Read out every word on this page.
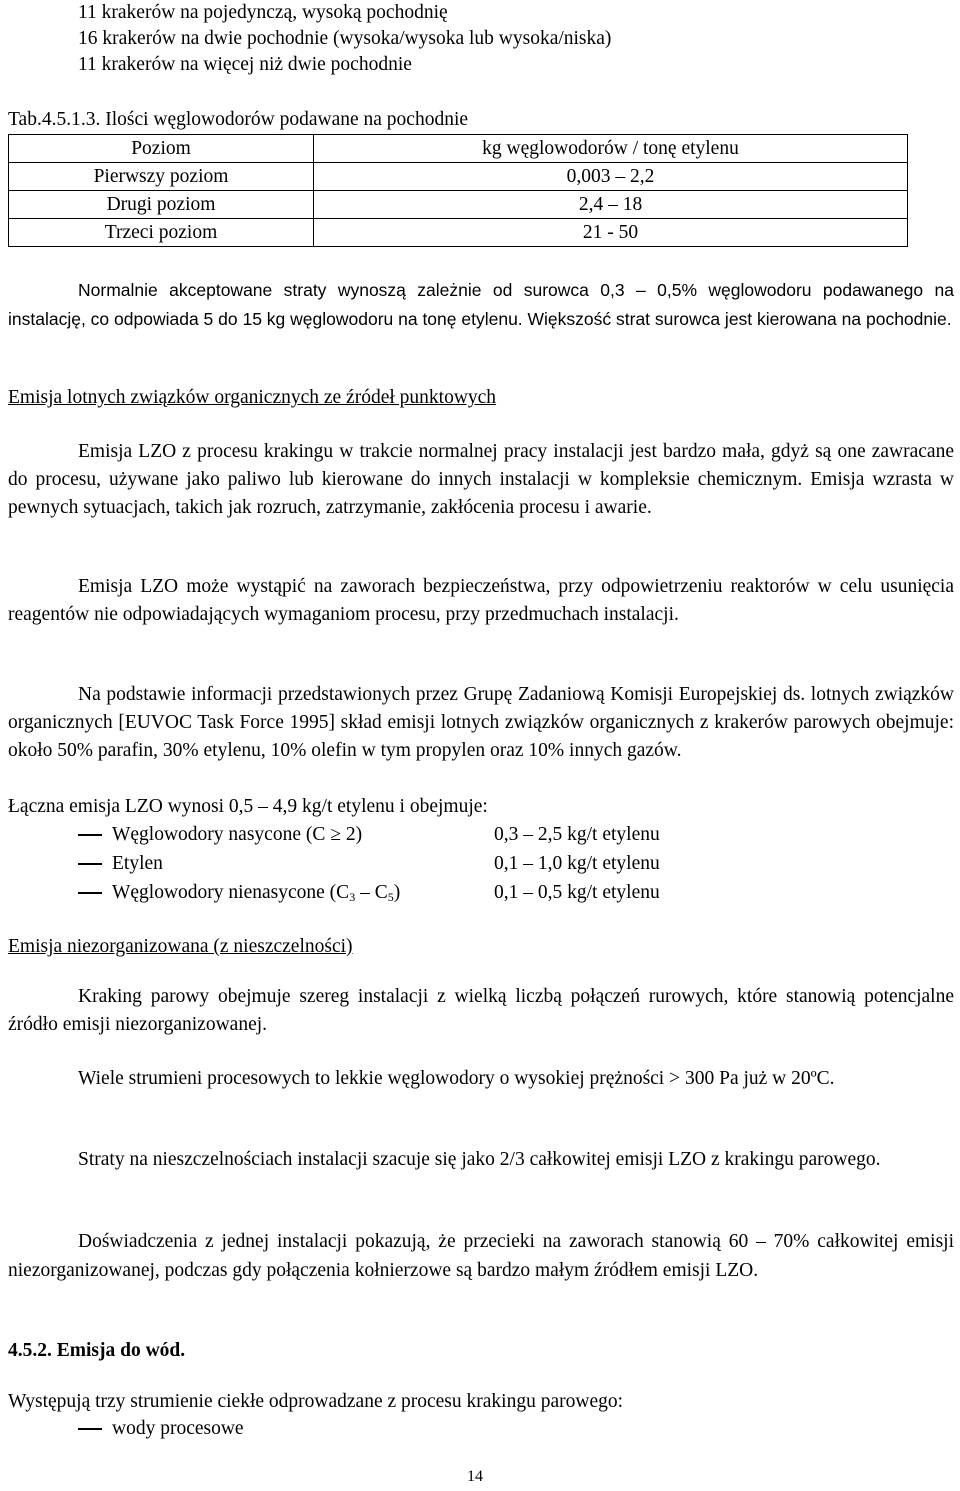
11 krakerów na pojedynczą, wysoką pochodnię
16 krakerów na dwie pochodnie (wysoka/wysoka lub wysoka/niska)
11 krakerów na więcej niż dwie pochodnie
Tab.4.5.1.3. Ilości węglowodorów podawane na pochodnie
Poziom	kg węglowodorów / tonę etylenu
Pierwszy poziom	0,003 – 2,2
Drugi poziom	2,4 – 18
Trzeci poziom	21 - 50
Normalnie akceptowane straty wynoszą zależnie od surowca 0,3 – 0,5% węglowodoru podawanego na instalację, co odpowiada 5 do 15 kg węglowodoru na tonę etylenu. Większość strat surowca jest kierowana na pochodnie.
Emisja lotnych związków organicznych ze źródeł punktowych
Emisja LZO z procesu krakingu w trakcie normalnej pracy instalacji jest bardzo mała, gdyż są one zawracane do procesu, używane jako paliwo lub kierowane do innych instalacji w kompleksie chemicznym. Emisja wzrasta w pewnych sytuacjach, takich jak rozruch, zatrzymanie, zakłócenia procesu i awarie.
Emisja LZO może wystąpić na zaworach bezpieczeństwa, przy odpowietrzeniu reaktorów w celu usunięcia reagentów nie odpowiadających wymaganiom procesu, przy przedmuchach instalacji.
Na podstawie informacji przedstawionych przez Grupę Zadaniową Komisji Europejskiej ds. lotnych związków organicznych [EUVOC Task Force 1995] skład emisji lotnych związków organicznych z krakerów parowych obejmuje: około 50% parafin, 30% etylenu, 10% olefin w tym propylen oraz 10% innych gazów.
Łączna emisja LZO wynosi 0,5 – 4,9 kg/t etylenu i obejmuje:
Węglowodory nasycone (C ≥ 2)	0,3 – 2,5 kg/t etylenu
Etylen	0,1 – 1,0 kg/t etylenu
Węglowodory nienasycone $(C_3 - C_5)$	0,1 – 0,5 kg/t etylenu
Emisja niezorganizowana (z nieszczelności)
Kraking parowy obejmuje szereg instalacji z wielką liczbą połączeń rurowych, które stanowią potencjalne źródło emisji niezorganizowanej.
Wiele strumieni procesowych to lekkie węglowodory o wysokiej prężności > 300 Pa już w 20ºC.
Straty na nieszczelnościach instalacji szacuje się jako 2/3 całkowitej emisji LZO z krakingu parowego.
Doświadczenia z jednej instalacji pokazują, że przecieki na zaworach stanowią 60 – 70% całkowitej emisji niezorganizowanej, podczas gdy połączenia kołnierzowe są bardzo małym źródłem emisji LZO.
4.5.2. Emisja do wód.
Występują trzy strumienie ciekłe odprowadzane z procesu krakingu parowego:
wody procesowe
14
